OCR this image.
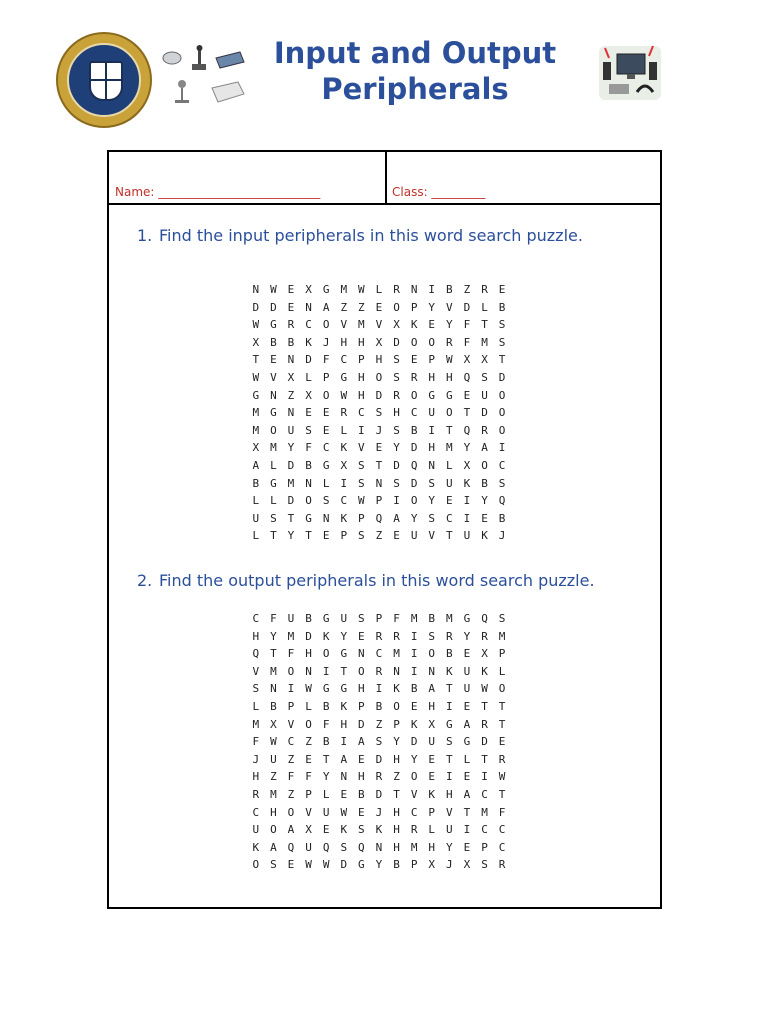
Input and Output
Peripherals
Name: ___________________________	Class: _________
1. Find the input peripherals in this word search puzzle.
N W E X G M W L R N I B Z R E
D D E N A Z Z E O P Y V D L B
W G R C O V M V X K E Y F T S
X B B K J H H X D O O R F M S
T E N D F C P H S E P W X X T
W V X L P G H O S R H H Q S D
G N Z X O W H D R O G G E U O
M G N E E R C S H C U O T D O
M O U S E L I J S B I T Q R O
X M Y F C K V E Y D H M Y A I
A L D B G X S T D Q N L X O C
B G M N L I S N S D S U K B S
L L D O S C W P I O Y E I Y Q
U S T G N K P Q A Y S C I E B
L T Y T E P S Z E U V T U K J
2. Find the output peripherals in this word search puzzle.
C F U B G U S P F M B M G Q S
H Y M D K Y E R R I S R Y R M
Q T F H O G N C M I O B E X P
V M O N I T O R N I N K U K L
S N I W G G H I K B A T U W O
L B P L B K P B O E H I E T T
M X V O F H D Z P K X G A R T
F W C Z B I A S Y D U S G D E
J U Z E T A E D H Y E T L T R
H Z F F Y N H R Z O E I E I W
R M Z P L E B D T V K H A C T
C H O V U W E J H C P V T M F
U O A X E K S K H R L U I C C
K A Q U Q S Q N H M H Y E P C
O S E W W D G Y B P X J X S R
